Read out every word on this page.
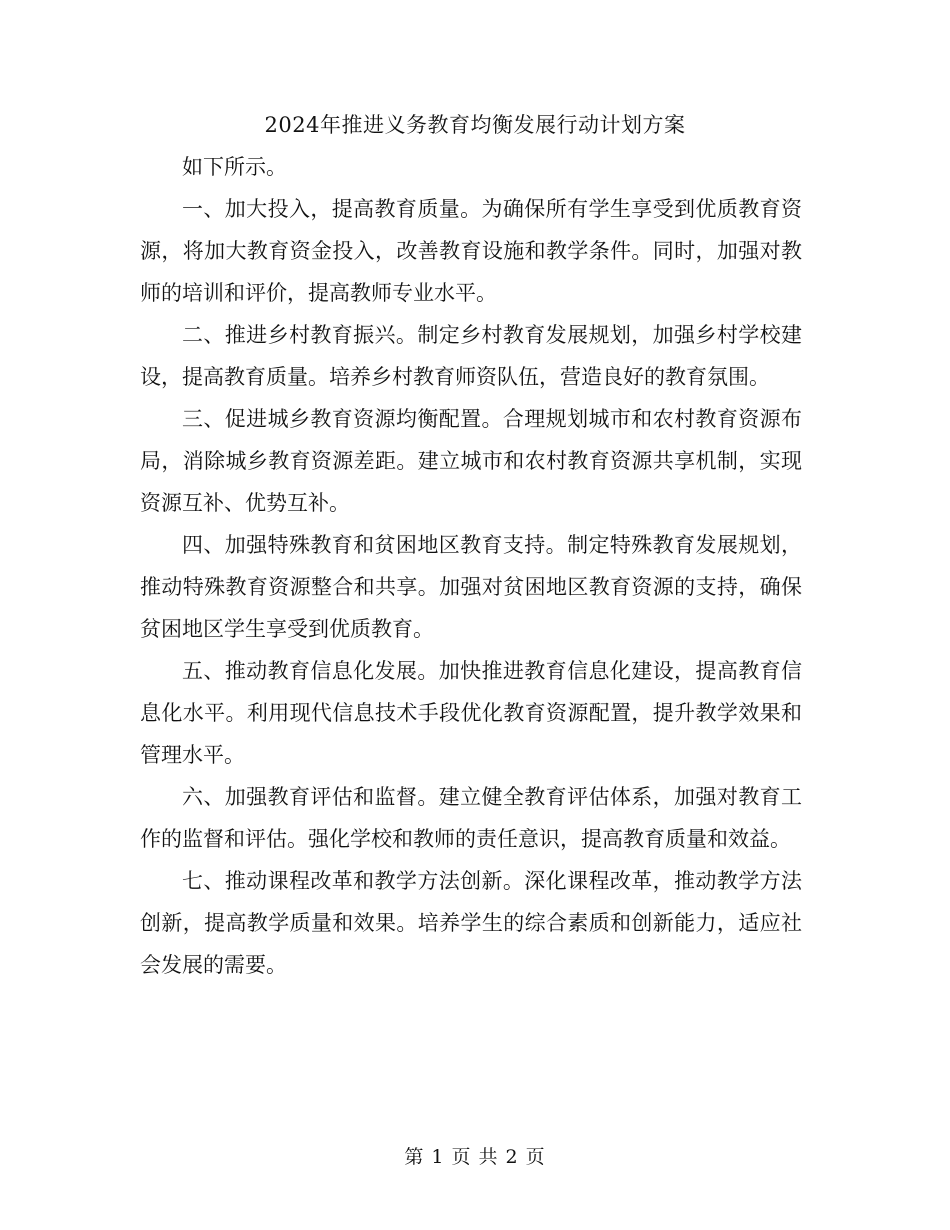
2024年推进义务教育均衡发展行动计划方案

如下所示。

一、加大投入，提高教育质量。为确保所有学生享受到优质教育资源，将加大教育资金投入，改善教育设施和教学条件。同时，加强对教师的培训和评价，提高教师专业水平。

二、推进乡村教育振兴。制定乡村教育发展规划，加强乡村学校建设，提高教育质量。培养乡村教育师资队伍，营造良好的教育氛围。

三、促进城乡教育资源均衡配置。合理规划城市和农村教育资源布局，消除城乡教育资源差距。建立城市和农村教育资源共享机制，实现资源互补、优势互补。

四、加强特殊教育和贫困地区教育支持。制定特殊教育发展规划，推动特殊教育资源整合和共享。加强对贫困地区教育资源的支持，确保贫困地区学生享受到优质教育。

五、推动教育信息化发展。加快推进教育信息化建设，提高教育信息化水平。利用现代信息技术手段优化教育资源配置，提升教学效果和管理水平。

六、加强教育评估和监督。建立健全教育评估体系，加强对教育工作的监督和评估。强化学校和教师的责任意识，提高教育质量和效益。

七、推动课程改革和教学方法创新。深化课程改革，推动教学方法创新，提高教学质量和效果。培养学生的综合素质和创新能力，适应社会发展的需要。

第 1 页 共 2 页
